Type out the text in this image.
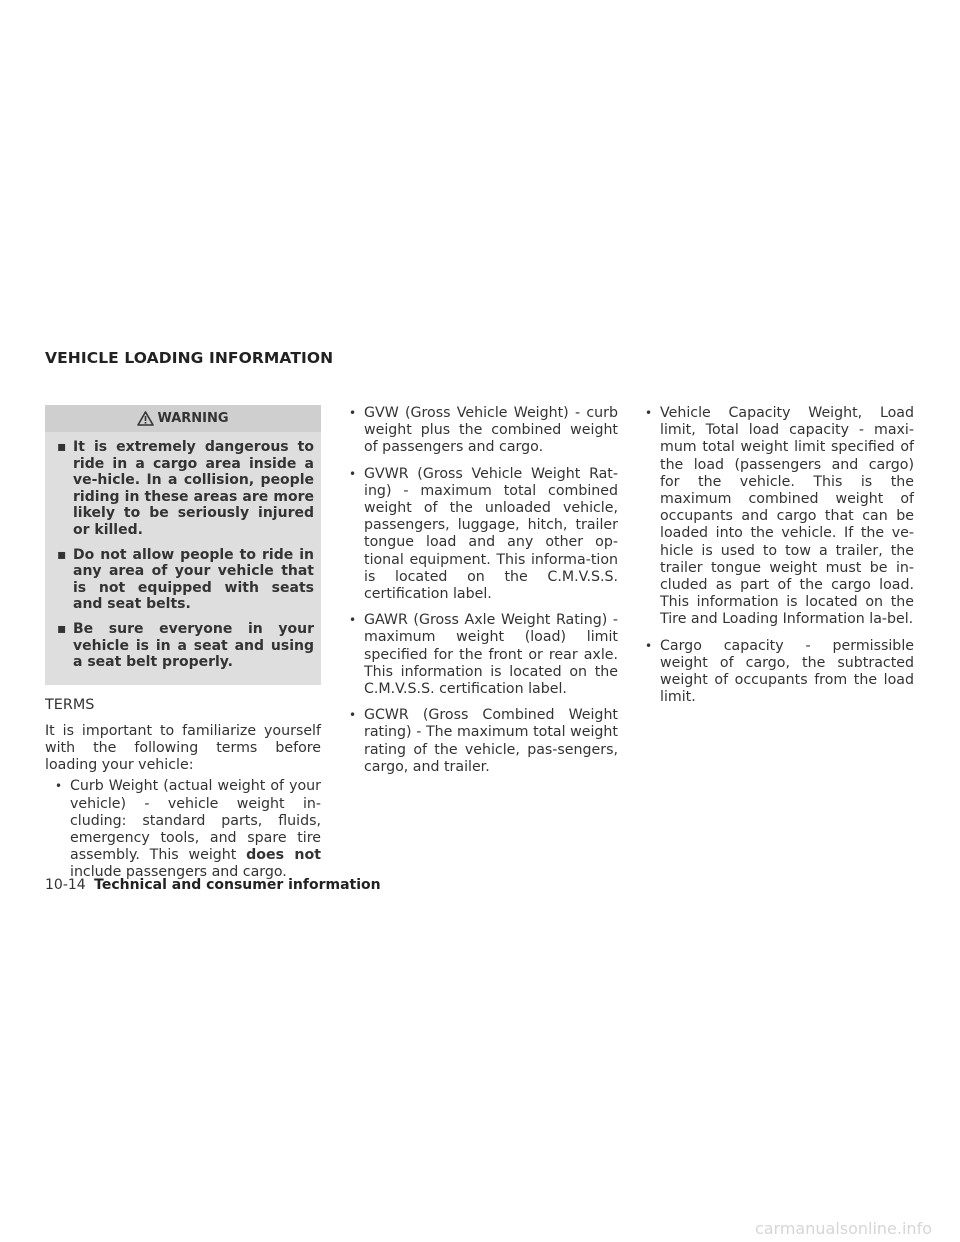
VEHICLE LOADING INFORMATION
WARNING
▪ It is extremely dangerous to ride in a cargo area inside a ve-hicle. In a collision, people riding in these areas are more likely to be seriously injured or killed.
▪ Do not allow people to ride in any area of your vehicle that is not equipped with seats and seat belts.
▪ Be sure everyone in your vehicle is in a seat and using a seat belt properly.

TERMS

It is important to familiarize yourself with the following terms before loading your vehicle:

• Curb Weight (actual weight of your vehicle) - vehicle weight in-cluding: standard parts, fluids, emergency tools, and spare tire assembly. This weight does not include passengers and cargo.
• GVW (Gross Vehicle Weight) - curb weight plus the combined weight of passengers and cargo.
• GVWR (Gross Vehicle Weight Rat-ing) - maximum total combined weight of the unloaded vehicle, passengers, luggage, hitch, trailer tongue load and any other op-tional equipment. This informa-tion is located on the C.M.V.S.S. certification label.
• GAWR (Gross Axle Weight Rating) - maximum weight (load) limit specified for the front or rear axle. This information is located on the C.M.V.S.S. certification label.
• GCWR (Gross Combined Weight rating) - The maximum total weight rating of the vehicle, pas-sengers, cargo, and trailer.
• Vehicle Capacity Weight, Load limit, Total load capacity - maxi-mum total weight limit specified of the load (passengers and cargo) for the vehicle. This is the maximum combined weight of occupants and cargo that can be loaded into the vehicle. If the ve-hicle is used to tow a trailer, the trailer tongue weight must be in-cluded as part of the cargo load. This information is located on the Tire and Loading Information la-bel.
• Cargo capacity - permissible weight of cargo, the subtracted weight of occupants from the load limit.
10-14 Technical and consumer information
carmanualsonline.info
